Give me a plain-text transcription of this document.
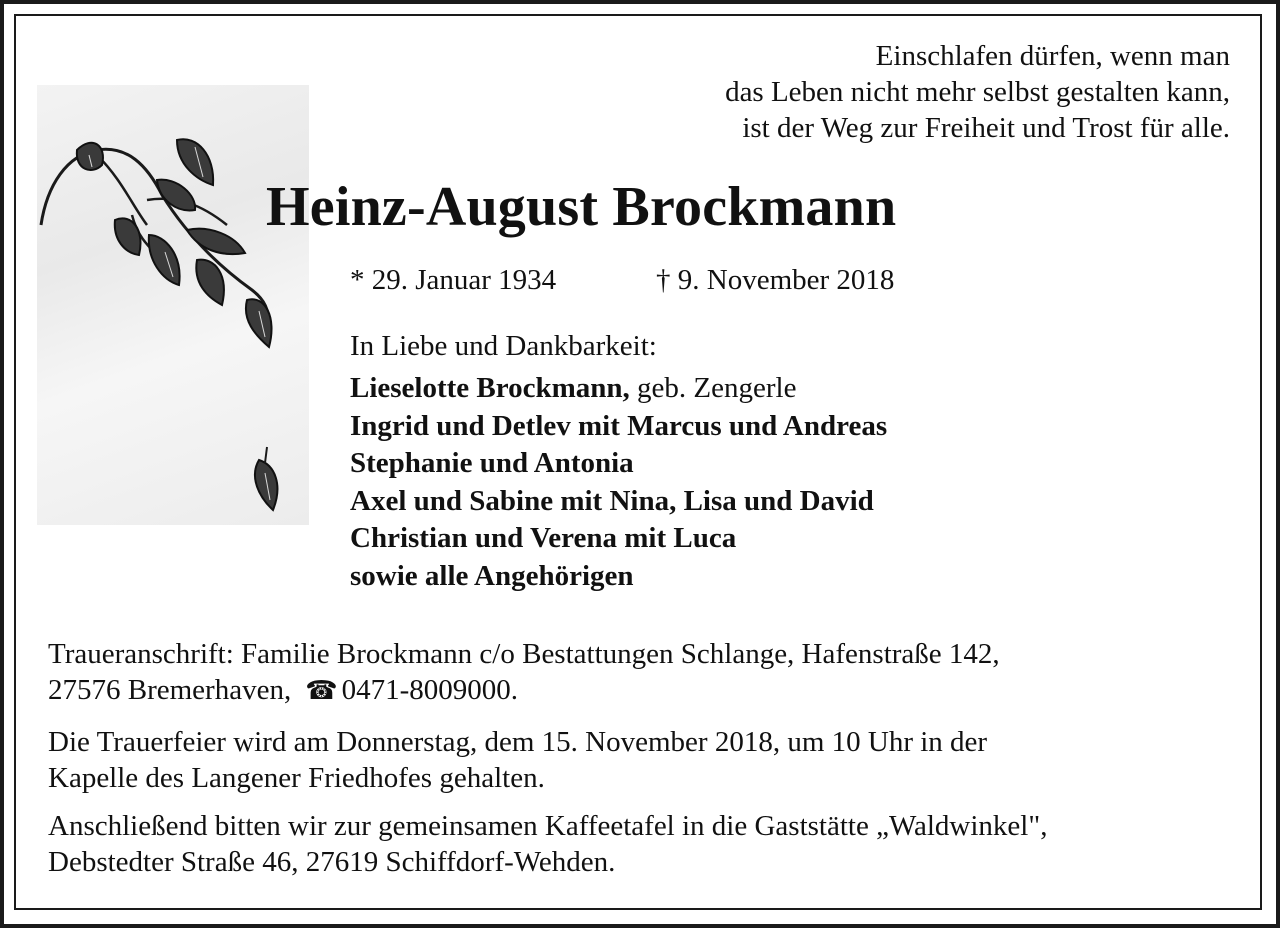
Einschlafen dürfen, wenn man
das Leben nicht mehr selbst gestalten kann,
ist der Weg zur Freiheit und Trost für alle.
Heinz-August Brockmann
* 29. Januar 1934	† 9. November 2018
In Liebe und Dankbarkeit:
Lieselotte Brockmann, geb. Zengerle
Ingrid und Detlev mit Marcus und Andreas
Stephanie und Antonia
Axel und Sabine mit Nina, Lisa und David
Christian und Verena mit Luca
sowie alle Angehörigen
Traueranschrift: Familie Brockmann c/o Bestattungen Schlange, Hafenstraße 142,
27576 Bremerhaven, ☎ 0471-8009000.
Die Trauerfeier wird am Donnerstag, dem 15. November 2018, um 10 Uhr in der
Kapelle des Langener Friedhofes gehalten.
Anschließend bitten wir zur gemeinsamen Kaffeetafel in die Gaststätte „Waldwinkel",
Debstedter Straße 46, 27619 Schiffdorf-Wehden.
